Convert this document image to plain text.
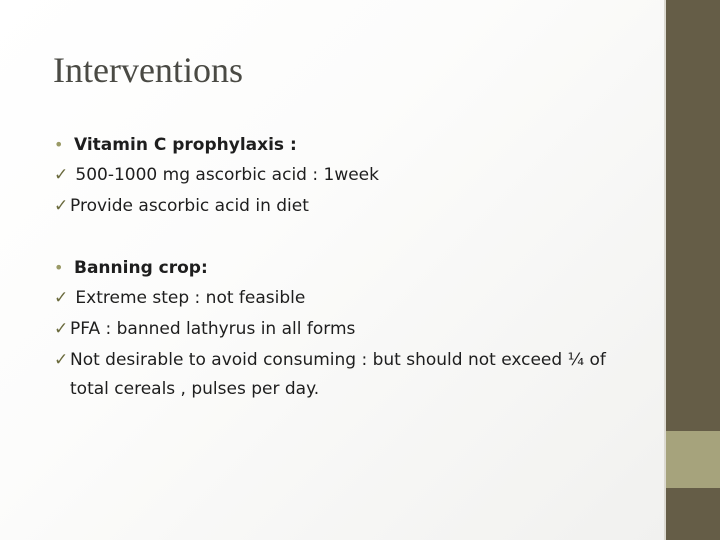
Interventions
• Vitamin C prophylaxis :
✓ 500-1000 mg ascorbic acid : 1week
✓ Provide ascorbic acid in diet
• Banning crop:
✓ Extreme step : not feasible
✓ PFA : banned lathyrus in all forms
✓ Not desirable to avoid consuming : but should not exceed ¼ of
total cereals , pulses per day.
